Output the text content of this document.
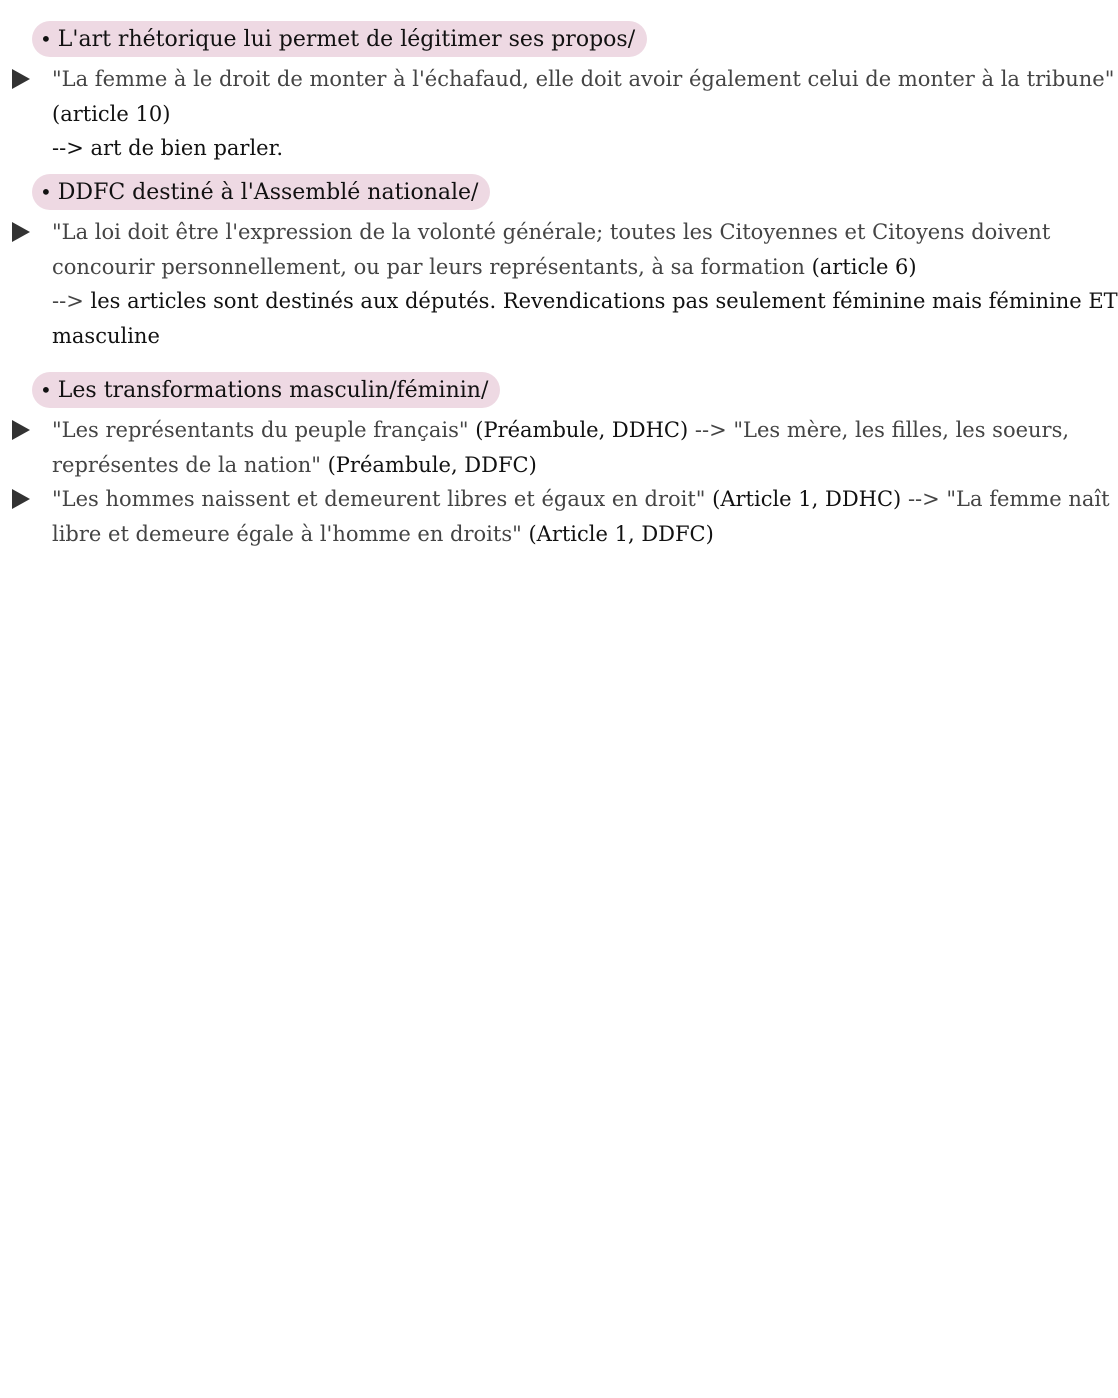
• L'art rhétorique lui permet de légitimer ses propos/
"La femme à le droit de monter à l'échafaud, elle doit avoir également celui de monter à la tribune"
(article 10)
--> art de bien parler.
• DDFC destiné à l'Assemblé nationale/
"La loi doit être l'expression de la volonté générale; toutes les Citoyennes et Citoyens doivent
concourir personnellement, ou par leurs représentants, à sa formation (article 6)
--> les articles sont destinés aux députés. Revendications pas seulement féminine mais féminine ET
masculine
• Les transformations masculin/féminin/
"Les représentants du peuple français" (Préambule, DDHC) --> "Les mère, les filles, les soeurs,
représentes de la nation" (Préambule, DDFC)
"Les hommes naissent et demeurent libres et égaux en droit" (Article 1, DDHC) --> "La femme naît
libre et demeure égale à l'homme en droits" (Article 1, DDFC)
